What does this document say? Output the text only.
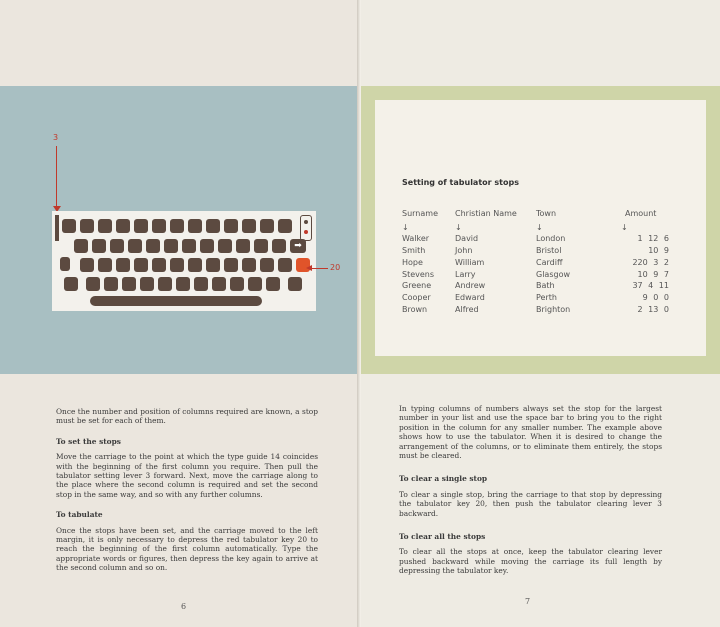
3
➡
20

Once the number and position of columns required are known, a stop must be set for each of them.

To set the stops

Move the carriage to the point at which the type guide 14 coincides with the beginning of the first column you require. Then pull the tabulator setting lever 3 forward. Next, move the carriage along to the place where the second column is required and set the second stop in the same way, and so with any further columns.

To tabulate

Once the stops have been set, and the carriage moved to the left margin, it is only necessary to depress the red tabulator key 20 to reach the beginning of the first column automatically. Type the appropriate words or figures, then depress the key again to arrive at the second column and so on.

6
Setting of tabulator stops
Surname
↓
Walker
Smith
Hope
Stevens
Greene
Cooper
Brown
Christian Name
↓
David
John
William
Larry
Andrew
Edward
Alfred
Town
↓
London
Bristol
Cardiff
Glasgow
Bath
Perth
Brighton
Amount
↓
1 12 6
10 9
220 3 2
10 9 7
37 4 11
9 0 0
2 13 0

In typing columns of numbers always set the stop for the largest number in your list and use the space bar to bring you to the right position in the column for any smaller number. The example above shows how to use the tabulator. When it is desired to change the arrangement of the columns, or to eliminate them entirely, the stops must be cleared.

To clear a single stop

To clear a single stop, bring the carriage to that stop by depressing the tabulator key 20, then push the tabulator clearing lever 3 backward.

To clear all the stops

To clear all the stops at once, keep the tabulator clearing lever pushed backward while moving the carriage its full length by depressing the tabulator key.

7
